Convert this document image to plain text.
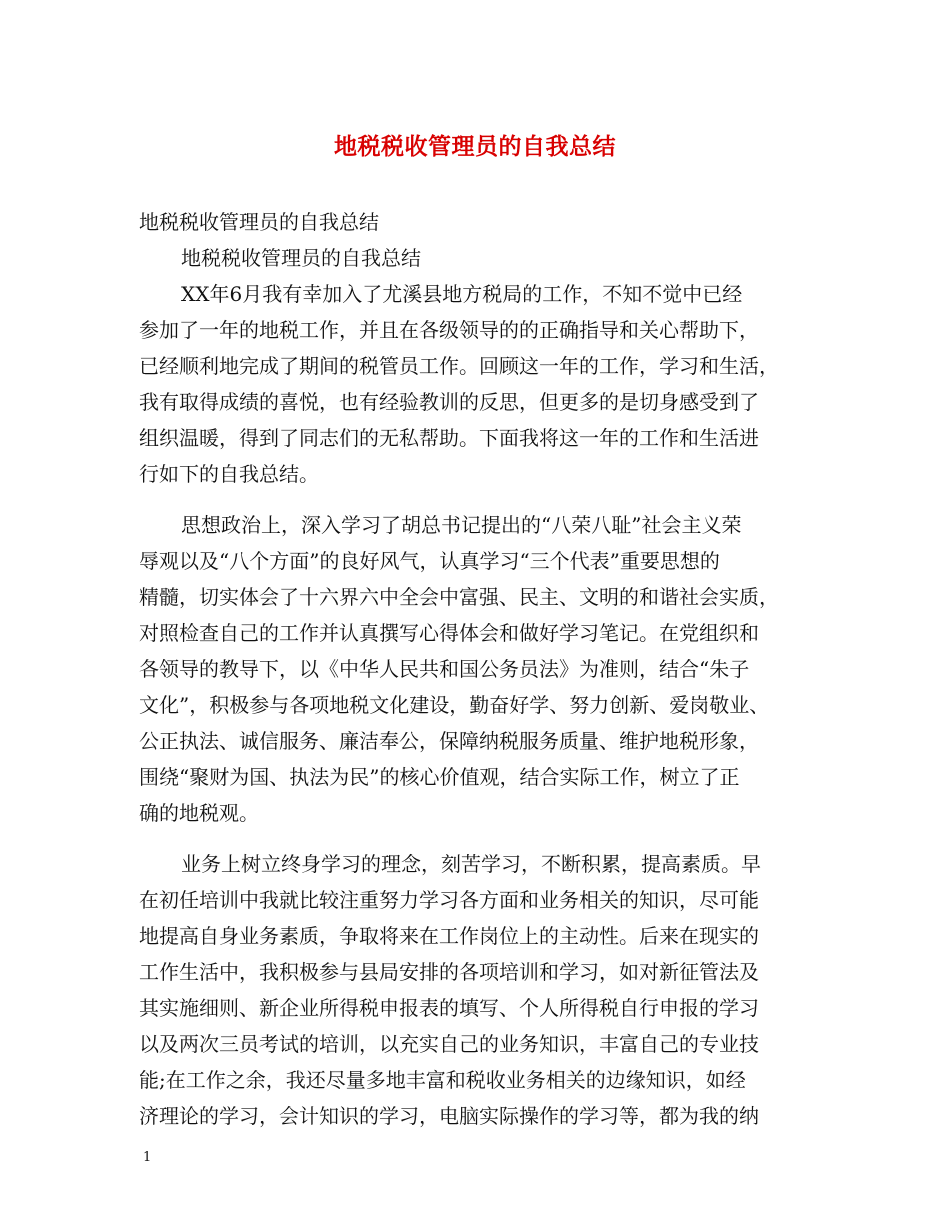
地税税收管理员的自我总结
地税税收管理员的自我总结
地税税收管理员的自我总结
XX年6月我有幸加入了尤溪县地方税局的工作，不知不觉中已经
参加了一年的地税工作，并且在各级领导的的正确指导和关心帮助下，
已经顺利地完成了期间的税管员工作。回顾这一年的工作，学习和生活，
我有取得成绩的喜悦，也有经验教训的反思，但更多的是切身感受到了
组织温暖，得到了同志们的无私帮助。下面我将这一年的工作和生活进
行如下的自我总结。
思想政治上，深入学习了胡总书记提出的“八荣八耻”社会主义荣
辱观以及“八个方面”的良好风气，认真学习“三个代表”重要思想的
精髓，切实体会了十六界六中全会中富强、民主、文明的和谐社会实质，
对照检查自己的工作并认真撰写心得体会和做好学习笔记。在党组织和
各领导的教导下，以《中华人民共和国公务员法》为准则，结合“朱子
文化”，积极参与各项地税文化建设，勤奋好学、努力创新、爱岗敬业、
公正执法、诚信服务、廉洁奉公，保障纳税服务质量、维护地税形象，
围绕“聚财为国、执法为民”的核心价值观，结合实际工作，树立了正
确的地税观。
业务上树立终身学习的理念，刻苦学习，不断积累，提高素质。早
在初任培训中我就比较注重努力学习各方面和业务相关的知识，尽可能
地提高自身业务素质，争取将来在工作岗位上的主动性。后来在现实的
工作生活中，我积极参与县局安排的各项培训和学习，如对新征管法及
其实施细则、新企业所得税申报表的填写、个人所得税自行申报的学习
以及两次三员考试的培训，以充实自己的业务知识，丰富自己的专业技
能;在工作之余，我还尽量多地丰富和税收业务相关的边缘知识，如经
济理论的学习，会计知识的学习，电脑实际操作的学习等，都为我的纳
1
